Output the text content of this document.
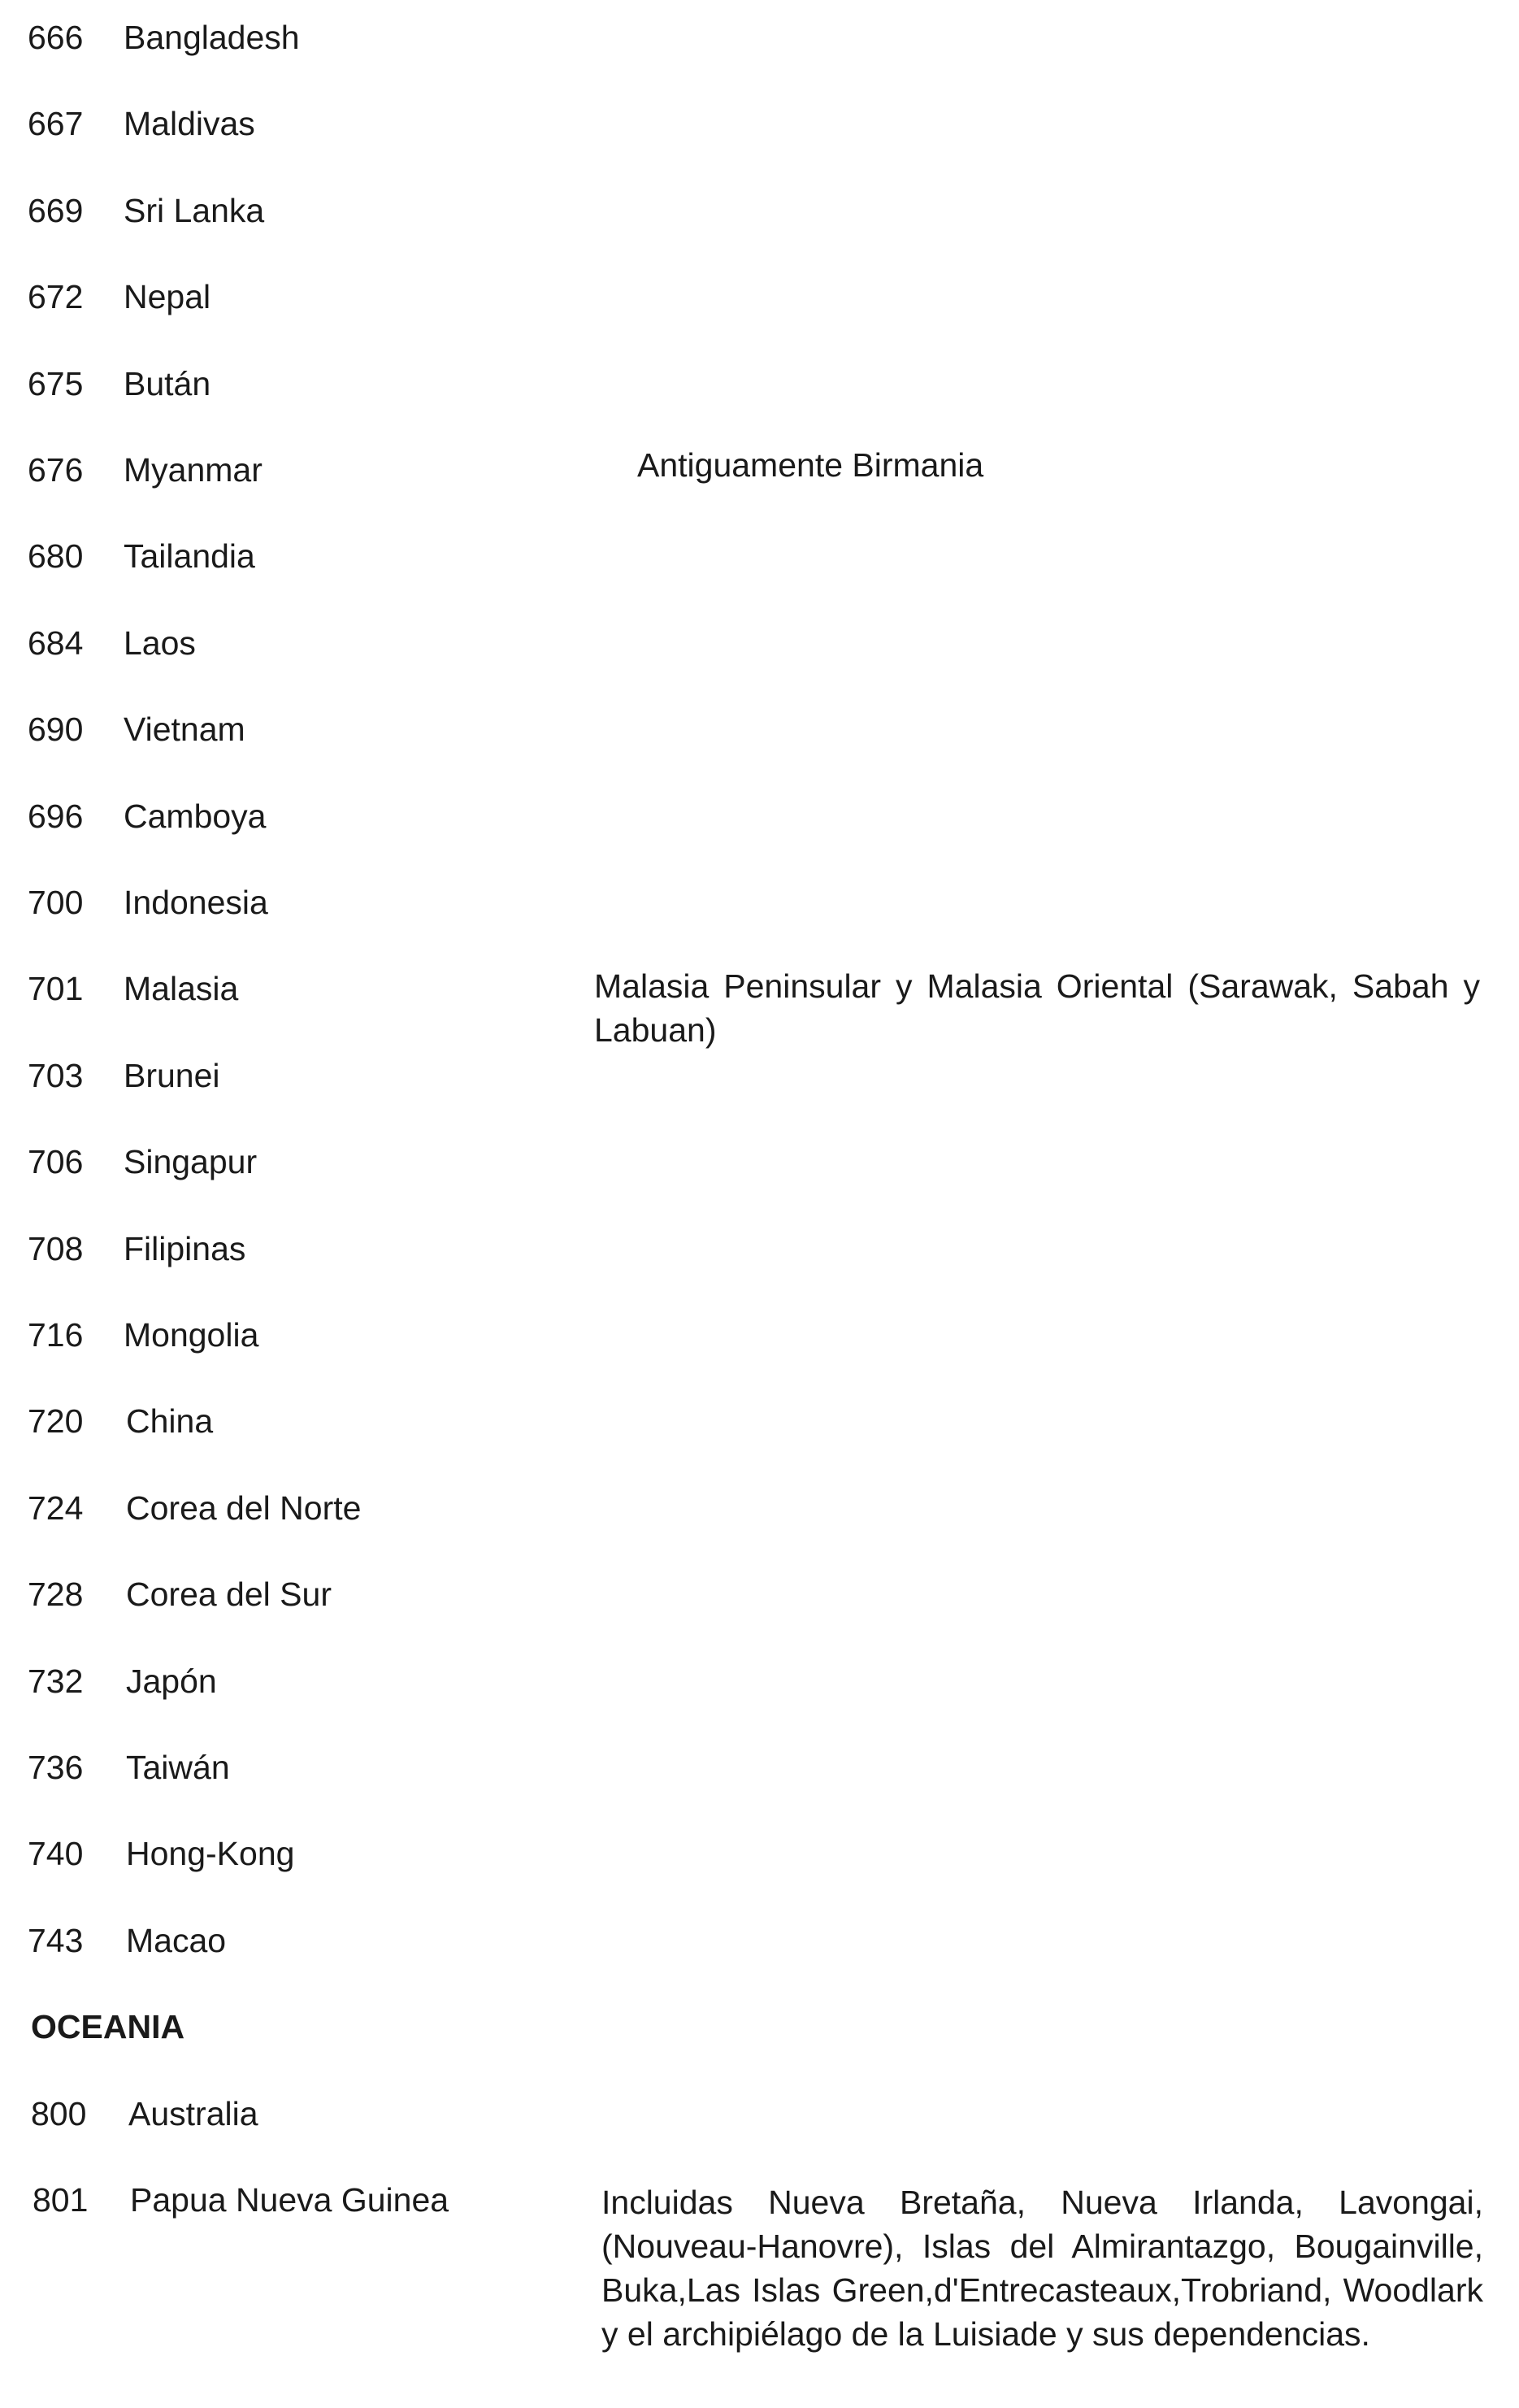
666	Bangladesh
667	Maldivas
669	Sri Lanka
672	Nepal
675	Bután
676	Myanmar	Antiguamente Birmania
680	Tailandia
684	Laos
690	Vietnam
696	Camboya
700	Indonesia
701	Malasia	Malasia Peninsular y Malasia Oriental (Sarawak, Sabah y Labuan)
703	Brunei
706	Singapur
708	Filipinas
716	Mongolia
720	China
724	Corea del Norte
728	Corea del Sur
732	Japón
736	Taiwán
740	Hong-Kong
743	Macao
OCEANIA
800	Australia
801	Papua Nueva Guinea	Incluidas Nueva Bretaña, Nueva Irlanda, Lavongai, (Nouveau-Hanovre), Islas del Almirantazgo, Bougainville, Buka,Las Islas Green,d'Entrecasteaux,Trobriand, Woodlark y el archipiélago de la Luisiade y sus dependencias.
